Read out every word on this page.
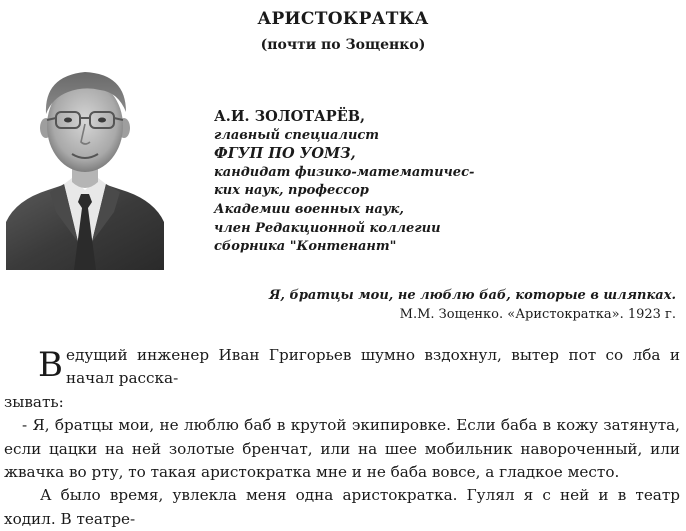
АРИСТОКРАТКА
(почти по Зощенко)
А.И. ЗОЛОТАРЁВ,
главный специалист
ФГУП ПО УОМЗ,
кандидат физико-математичес-
ких наук, профессор
Академии военных наук,
член Редакционной коллегии
сборника "Контенант"
Я, братцы мои, не люблю баб, которые в шляпках.
М.М. Зощенко. «Аристократка». 1923 г.

В едущий инженер Иван Григорьев шумно вздохнул, вытер пот со лба и начал расска-
зывать:

- Я, братцы мои, не люблю баб в крутой экипировке. Если баба в кожу затянута, если цацки на ней золотые бренчат, или на шее мобильник навороченный, или жвачка во рту, то такая аристократка мне и не баба вовсе, а гладкое место.

А было время, увлекла меня одна аристократка. Гулял я с ней и в театр ходил. В театре-
